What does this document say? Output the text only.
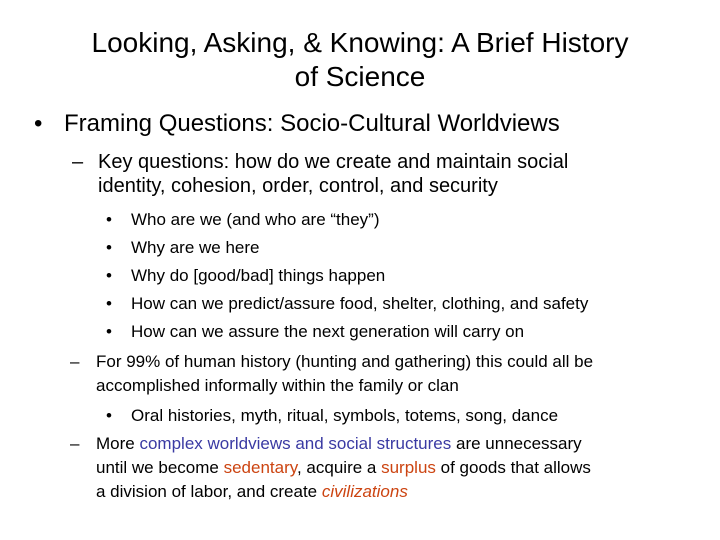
Looking, Asking, & Knowing: A Brief History
of Science
• Framing Questions: Socio-Cultural Worldviews
– Key questions: how do we create and maintain social
identity, cohesion, order, control, and security
• Who are we (and who are “they”)
• Why are we here
• Why do [good/bad] things happen
• How can we predict/assure food, shelter, clothing, and safety
• How can we assure the next generation will carry on
– For 99% of human history (hunting and gathering) this could all be
accomplished informally within the family or clan
• Oral histories, myth, ritual, symbols, totems, song, dance
– More complex worldviews and social structures are unnecessary
until we become sedentary, acquire a surplus of goods that allows
a division of labor, and create civilizations
